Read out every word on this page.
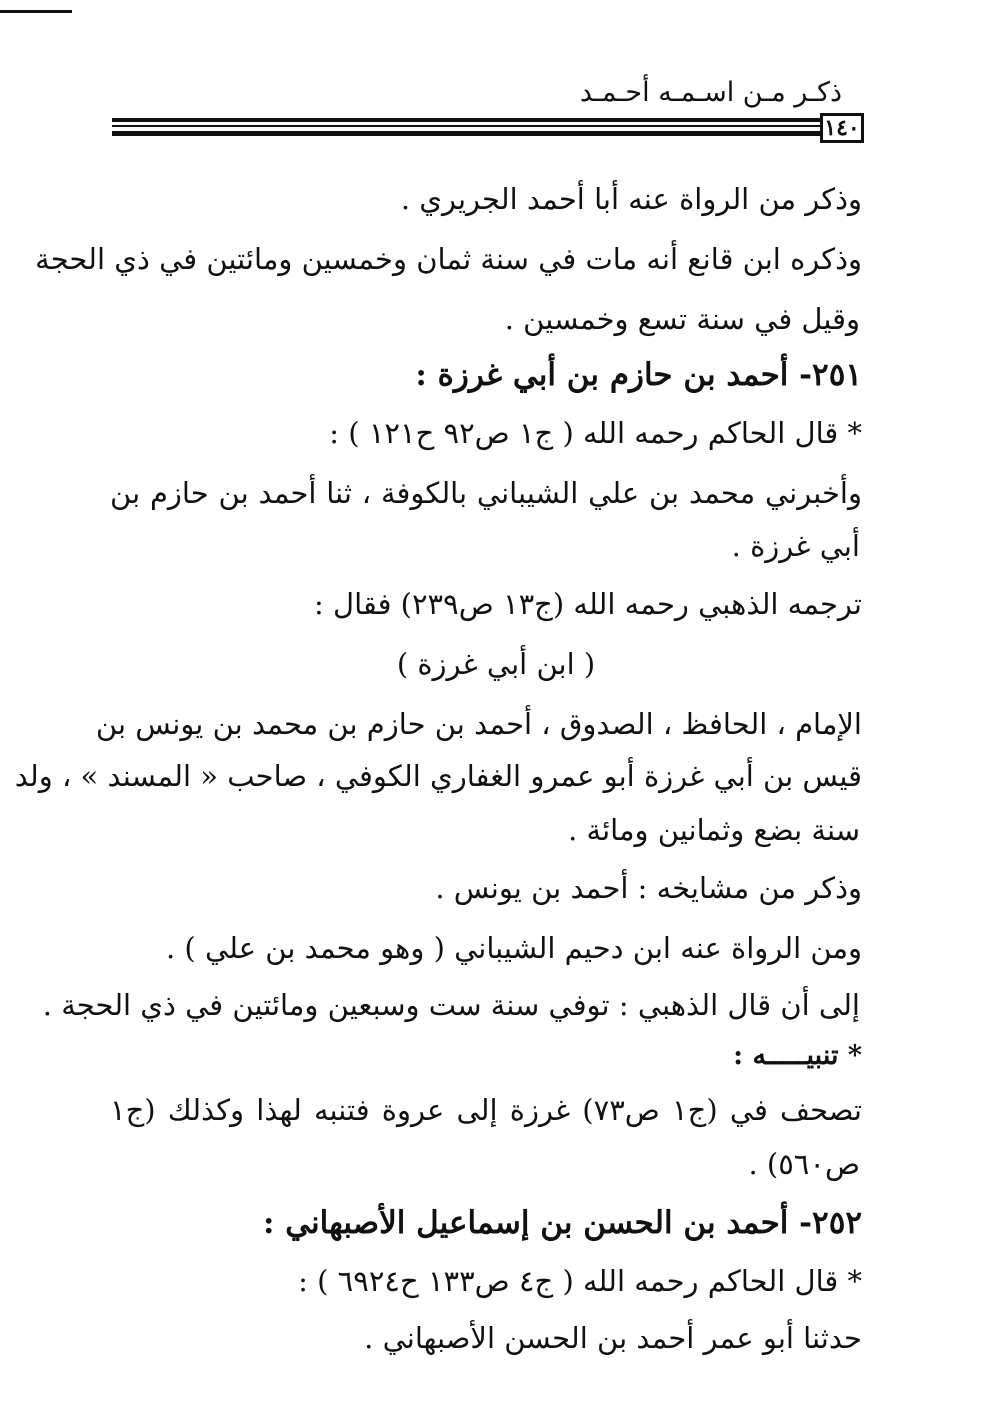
ذكـر مـن اسـمـه أحـمـد
١٤٠
وذكر من الرواة عنه أبا أحمد الجريري .
وذكره ابن قانع أنه مات في سنة ثمان وخمسين ومائتين في ذي الحجة
وقيل في سنة تسع وخمسين .
٢٥١- أحمد بن حازم بن أبي غرزة :
* قال الحاكم رحمه الله ( ج١ ص٩٢ ح١٢١ ) :
وأخبرني محمد بن علي الشيباني بالكوفة ، ثنا أحمد بن حازم بن
أبي غرزة .
ترجمه الذهبي رحمه الله (ج١٣ ص٢٣٩) فقال :
( ابن أبي غرزة )
الإمام ، الحافظ ، الصدوق ، أحمد بن حازم بن محمد بن يونس بن
قيس بن أبي غرزة أبو عمرو الغفاري الكوفي ، صاحب « المسند » ، ولد
سنة بضع وثمانين ومائة .
وذكر من مشايخه : أحمد بن يونس .
ومن الرواة عنه ابن دحيم الشيباني ( وهو محمد بن علي ) .
إلى أن قال الذهبي : توفي سنة ست وسبعين ومائتين في ذي الحجة .
* تنبيـــــه :
تصحف في (ج١ ص٧٣) غرزة إلى عروة فتنبه لهذا وكذلك (ج١
ص٥٦٠) .
٢٥٢- أحمد بن الحسن بن إسماعيل الأصبهاني :
* قال الحاكم رحمه الله ( ج٤ ص١٣٣ ح٦٩٢٤ ) :
حدثنا أبو عمر أحمد بن الحسن الأصبهاني .
